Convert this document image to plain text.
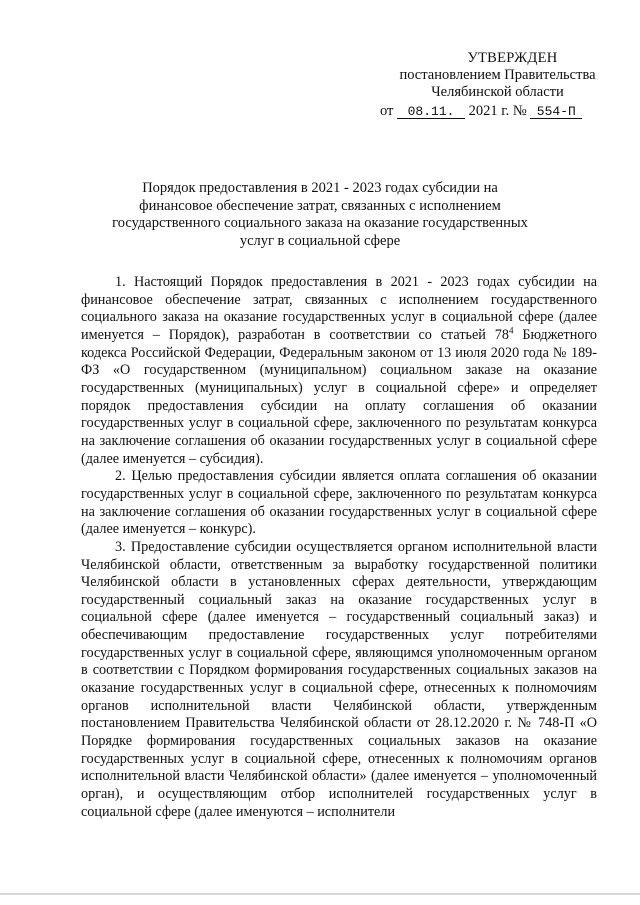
УТВЕРЖДЕН
постановлением Правительства
Челябинской области
от 08.11. 2021 г. № 554-П
Порядок предоставления в 2021 - 2023 годах субсидии на финансовое обеспечение затрат, связанных с исполнением государственного социального заказа на оказание государственных услуг в социальной сфере

1. Настоящий Порядок предоставления в 2021 - 2023 годах субсидии на финансовое обеспечение затрат, связанных с исполнением государственного социального заказа на оказание государственных услуг в социальной сфере (далее именуется – Порядок), разработан в соответствии со статьей $78^4$ Бюджетного кодекса Российской Федерации, Федеральным законом от 13 июля 2020 года № 189-ФЗ «О государственном (муниципальном) социальном заказе на оказание государственных (муниципальных) услуг в социальной сфере» и определяет порядок предоставления субсидии на оплату соглашения об оказании государственных услуг в социальной сфере, заключенного по результатам конкурса на заключение соглашения об оказании государственных услуг в социальной сфере (далее именуется – субсидия).

2. Целью предоставления субсидии является оплата соглашения об оказании государственных услуг в социальной сфере, заключенного по результатам конкурса на заключение соглашения об оказании государственных услуг в социальной сфере (далее именуется – конкурс).

3. Предоставление субсидии осуществляется органом исполнительной власти Челябинской области, ответственным за выработку государственной политики Челябинской области в установленных сферах деятельности, утверждающим государственный социальный заказ на оказание государственных услуг в социальной сфере (далее именуется – государственный социальный заказ) и обеспечивающим предоставление государственных услуг потребителями государственных услуг в социальной сфере, являющимся уполномоченным органом в соответствии с Порядком формирования государственных социальных заказов на оказание государственных услуг в социальной сфере, отнесенных к полномочиям органов исполнительной власти Челябинской области, утвержденным постановлением Правительства Челябинской области от 28.12.2020 г. № 748-П «О Порядке формирования государственных социальных заказов на оказание государственных услуг в социальной сфере, отнесенных к полномочиям органов исполнительной власти Челябинской области» (далее именуется – уполномоченный орган), и осуществляющим отбор исполнителей государственных услуг в социальной сфере (далее именуются – исполнители
